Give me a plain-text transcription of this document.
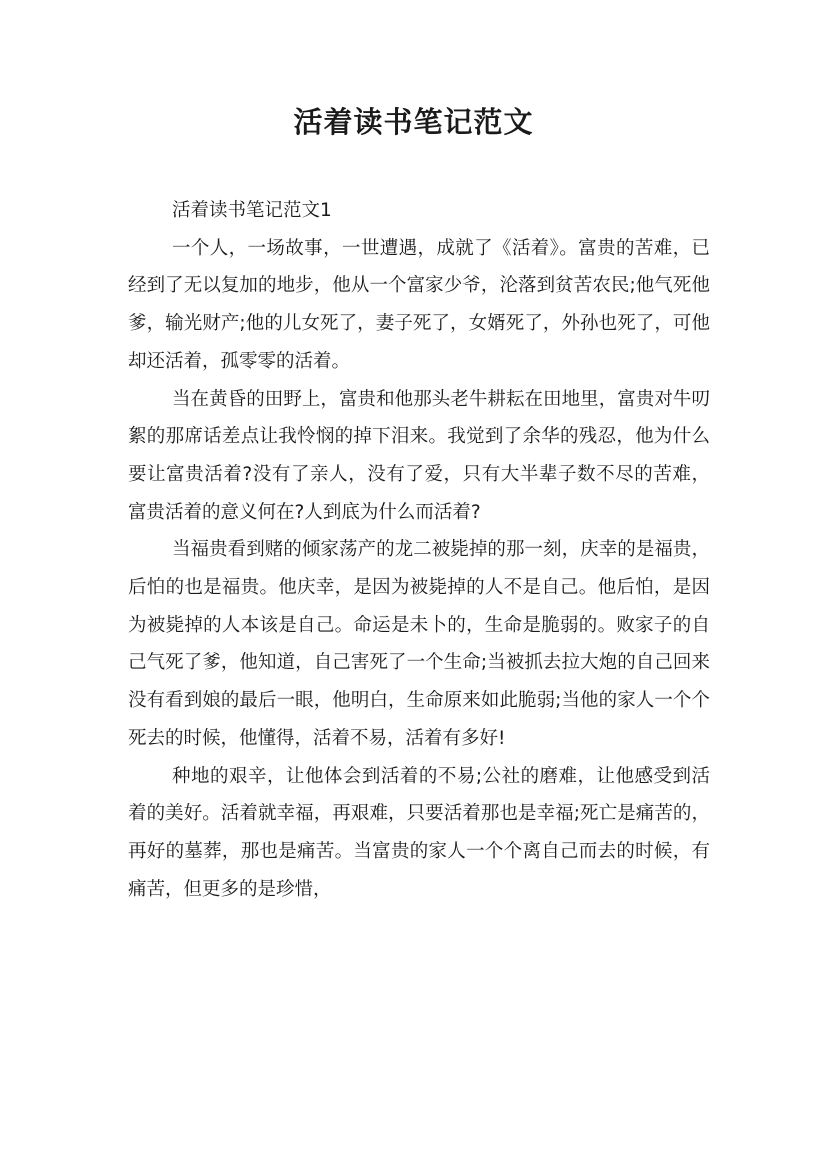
活着读书笔记范文

活着读书笔记范文1

一个人，一场故事，一世遭遇，成就了《活着》。富贵的苦难，已经到了无以复加的地步，他从一个富家少爷，沦落到贫苦农民;他气死他爹，输光财产;他的儿女死了，妻子死了，女婿死了，外孙也死了，可他却还活着，孤零零的活着。

当在黄昏的田野上，富贵和他那头老牛耕耘在田地里，富贵对牛叨絮的那席话差点让我怜悯的掉下泪来。我觉到了余华的残忍，他为什么要让富贵活着?没有了亲人，没有了爱，只有大半辈子数不尽的苦难，富贵活着的意义何在?人到底为什么而活着?

当福贵看到赌的倾家荡产的龙二被毙掉的那一刻，庆幸的是福贵，后怕的也是福贵。他庆幸，是因为被毙掉的人不是自己。他后怕，是因为被毙掉的人本该是自己。命运是未卜的，生命是脆弱的。败家子的自己气死了爹，他知道，自己害死了一个生命;当被抓去拉大炮的自己回来没有看到娘的最后一眼，他明白，生命原来如此脆弱;当他的家人一个个死去的时候，他懂得，活着不易，活着有多好!

种地的艰辛，让他体会到活着的不易;公社的磨难，让他感受到活着的美好。活着就幸福，再艰难，只要活着那也是幸福;死亡是痛苦的，再好的墓葬，那也是痛苦。当富贵的家人一个个离自己而去的时候，有痛苦，但更多的是珍惜，
